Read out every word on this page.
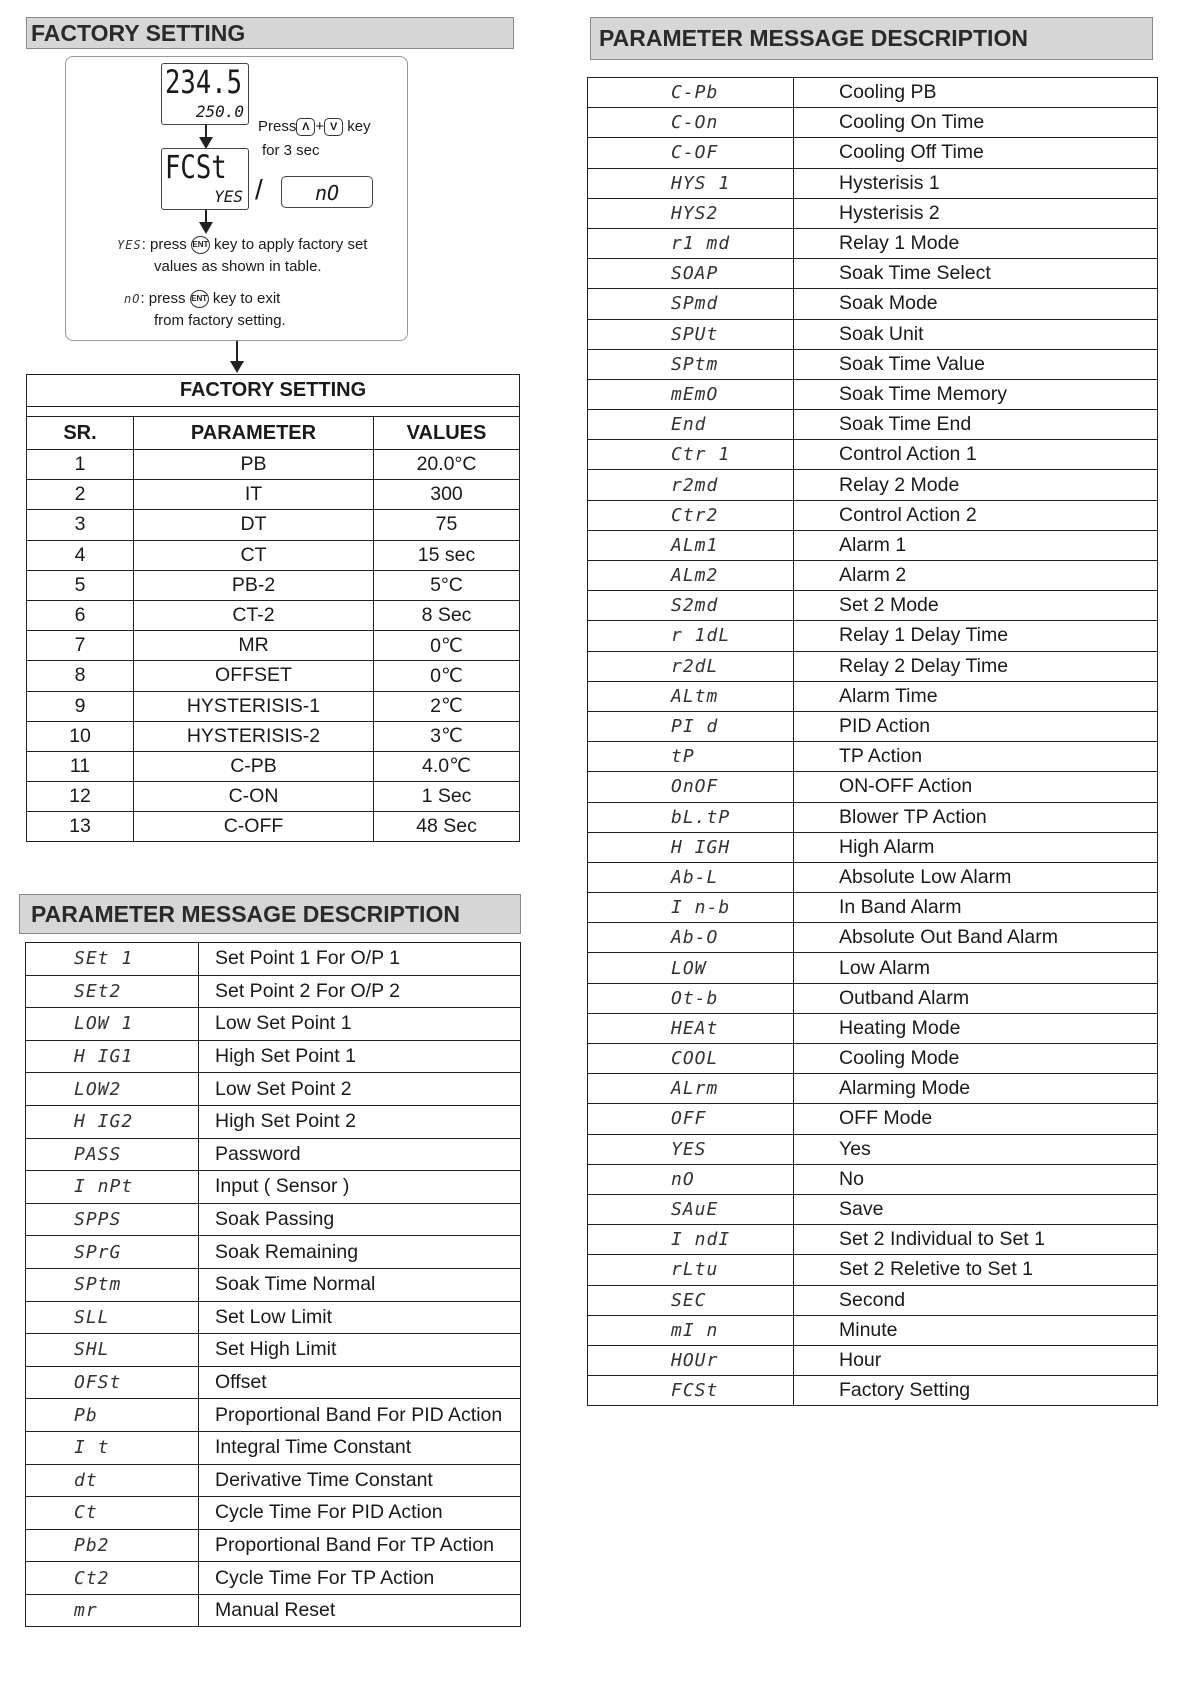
FACTORY SETTING
234.5
250.0
Press Λ + V key
for 3 sec
FCSt
YES /	nO
YES: press ENT key to apply factory set
values as shown in table.
nO: press ENT key to exit
from factory setting.
FACTORY SETTING		

SR.	PARAMETER	VALUES
1	PB	20.0°C
2	IT	300
3	DT	75
4	CT	15 sec
5	PB-2	5°C
6	CT-2	8 Sec
7	MR	0℃
8	OFFSET	0℃
9	HYSTERISIS-1	2℃
10	HYSTERISIS-2	3℃
11	C-PB	4.0℃
12	C-ON	1 Sec
13	C-OFF	48 Sec
PARAMETER MESSAGE DESCRIPTION
SEt 1	Set Point 1 For O/P 1
SEt2	Set Point 2 For O/P 2
LOW 1	Low Set Point 1
H IG1	High Set Point 1
LOW2	Low Set Point 2
H IG2	High Set Point 2
PASS	Password
I nPt	Input ( Sensor )
SPPS	Soak Passing
SPrG	Soak Remaining
SPtm	Soak Time Normal
SLL	Set Low Limit
SHL	Set High Limit
OFSt	Offset
Pb	Proportional Band For PID Action
I t	Integral Time Constant
dt	Derivative Time Constant
Ct	Cycle Time For PID Action
Pb2	Proportional Band For TP Action
Ct2	Cycle Time For TP Action
mr	Manual Reset
PARAMETER MESSAGE DESCRIPTION
C-Pb	Cooling PB
C-On	Cooling On Time
C-OF	Cooling Off Time
HYS 1	Hysterisis 1
HYS2	Hysterisis 2
r1 md	Relay 1 Mode
SOAP	Soak Time Select
SPmd	Soak Mode
SPUt	Soak Unit
SPtm	Soak Time Value
mEmO	Soak Time Memory
End	Soak Time End
Ctr 1	Control Action 1
r2md	Relay 2 Mode
Ctr2	Control Action 2
ALm1	Alarm 1
ALm2	Alarm 2
S2md	Set 2 Mode
r 1dL	Relay 1 Delay Time
r2dL	Relay 2 Delay Time
ALtm	Alarm Time
PI d	PID Action
tP	TP Action
OnOF	ON-OFF Action
bL.tP	Blower TP Action
H IGH	High Alarm
Ab-L	Absolute Low Alarm
I n-b	In Band Alarm
Ab-O	Absolute Out Band Alarm
LOW	Low Alarm
Ot-b	Outband Alarm
HEAt	Heating Mode
COOL	Cooling Mode
ALrm	Alarming Mode
OFF	OFF Mode
YES	Yes
nO	No
SAuE	Save
I ndI	Set 2 Individual to Set 1
rLtu	Set 2 Reletive to Set 1
SEC	Second
mI n	Minute
HOUr	Hour
FCSt	Factory Setting
